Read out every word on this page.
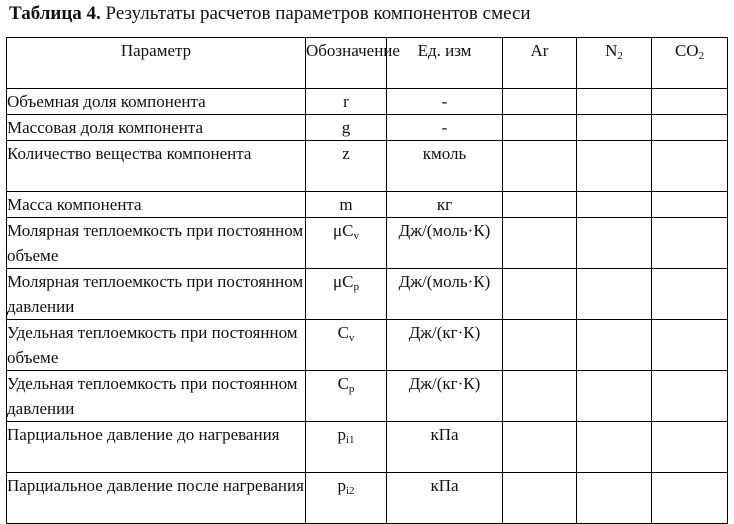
Таблица 4. Результаты расчетов параметров компонентов смеси
Параметр	Обозначение	Ед. изм	Ar	$N_2$	$CO_2$
Объемная доля компонента	r	-			
Массовая доля компонента	g	-			
Количество вещества компонента	z	кмоль			
Масса компонента	m	кг			
Молярная теплоемкость при постоянном объеме	$\mu C_v$	Дж/(моль·К)			
Молярная теплоемкость при постоянном давлении	$\mu C_p$	Дж/(моль·К)			
Удельная теплоемкость при постоянном объеме	$C_v$	Дж/(кг·К)			
Удельная теплоемкость при постоянном давлении	$C_p$	Дж/(кг·К)			
Парциальное давление до нагревания	$p_{i1}$	кПа			
Парциальное давление после нагревания	$p_{i2}$	кПа			
